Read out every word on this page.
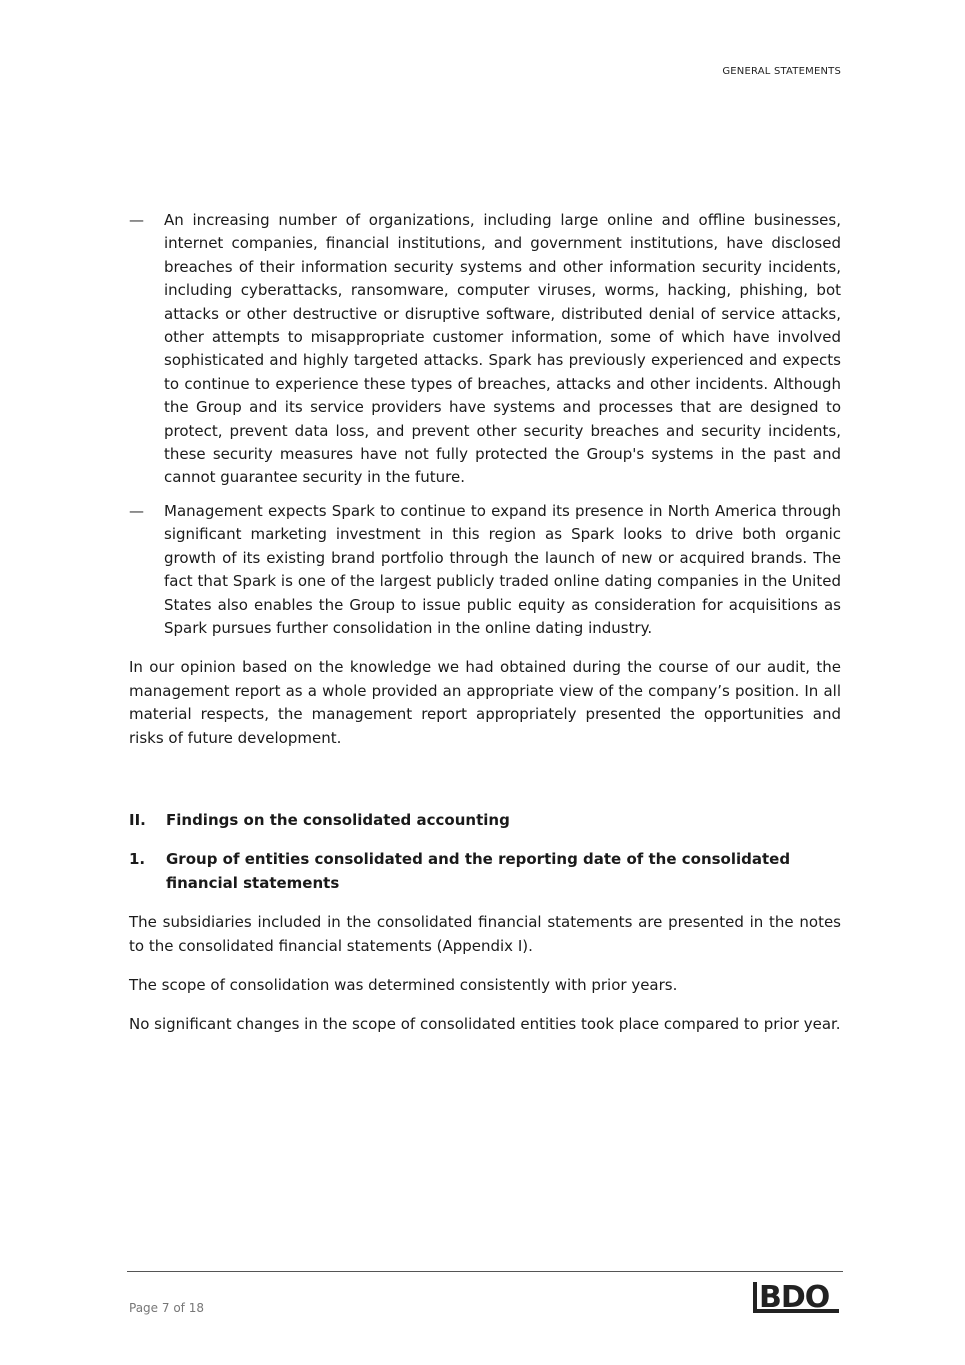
GENERAL STATEMENTS
—	An increasing number of organizations, including large online and offline businesses, internet companies, financial institutions, and government institutions, have disclosed breaches of their information security systems and other information security incidents, including cyberattacks, ransomware, computer viruses, worms, hacking, phishing, bot attacks or other destructive or disruptive software, distributed denial of service attacks, other attempts to misappropriate customer information, some of which have involved sophisticated and highly targeted attacks. Spark has previously experienced and expects to continue to experience these types of breaches, attacks and other incidents. Although the Group and its service providers have systems and processes that are designed to protect, prevent data loss, and prevent other security breaches and security incidents, these security measures have not fully protected the Group's systems in the past and cannot guarantee security in the future.

—	Management expects Spark to continue to expand its presence in North America through significant marketing investment in this region as Spark looks to drive both organic growth of its existing brand portfolio through the launch of new or acquired brands. The fact that Spark is one of the largest publicly traded online dating companies in the United States also enables the Group to issue public equity as consideration for acquisitions as Spark pursues further consolidation in the online dating industry.

In our opinion based on the knowledge we had obtained during the course of our audit, the management report as a whole provided an appropriate view of the company’s position. In all material respects, the management report appropriately presented the opportunities and risks of future development.

II.	Findings on the consolidated accounting
1.	Group of entities consolidated and the reporting date of the consolidated financial statements

The subsidiaries included in the consolidated financial statements are presented in the notes to the consolidated financial statements (Appendix I).

The scope of consolidation was determined consistently with prior years.

No significant changes in the scope of consolidated entities took place compared to prior year.

Page 7 of 18	BDO
